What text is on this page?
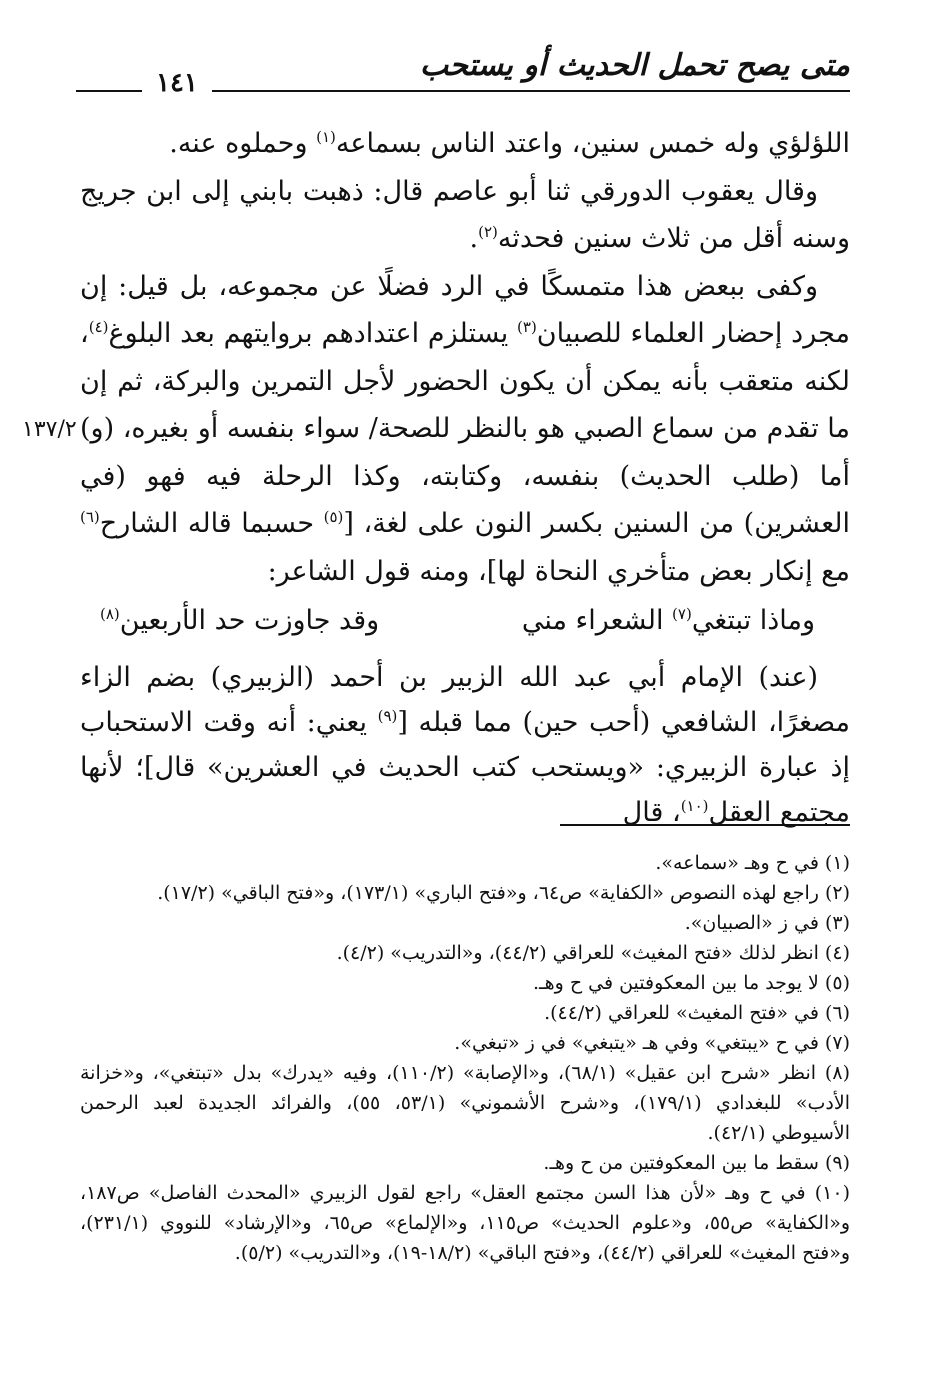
متى يصح تحمل الحديث أو يستحب
١٤١
١٣٧/٢

اللؤلؤي وله خمس سنين، واعتد الناس بسماعه$^{(١)}$ وحملوه عنه.

وقال يعقوب الدورقي ثنا أبو عاصم قال: ذهبت بابني إلى ابن جريج وسنه أقل من ثلاث سنين فحدثه$^{(٢)}$.

وكفى ببعض هذا متمسكًا في الرد فضلًا عن مجموعه، بل قيل: إن مجرد إحضار العلماء للصبيان$^{(٣)}$ يستلزم اعتدادهم بروايتهم بعد البلوغ$^{(٤)}$، لكنه متعقب بأنه يمكن أن يكون الحضور لأجل التمرين والبركة، ثم إن ما تقدم من سماع الصبي هو بالنظر للصحة/ سواء بنفسه أو بغيره، (و) أما (طلب الحديث) بنفسه، وكتابته، وكذا الرحلة فيه فهو (في العشرين) من السنين بكسر النون على لغة، [$^{(٥)}$ حسبما قاله الشارح$^{(٦)}$ مع إنكار بعض متأخري النحاة لها]، ومنه قول الشاعر:

وماذا تبتغي$^{(٧)}$ الشعراء مني
وقد جاوزت حد الأربعين$^{(٨)}$

(عند) الإمام أبي عبد الله الزبير بن أحمد (الزبيري) بضم الزاء مصغرًا، الشافعي (أحب حين) مما قبله [$^{(٩)}$ يعني: أنه وقت الاستحباب إذ عبارة الزبيري: «ويستحب كتب الحديث في العشرين» قال]؛ لأنها مجتمع العقل$^{(١٠)}$، قال

(١) في ح وهـ «سماعه».
(٢) راجع لهذه النصوص «الكفاية» ص٦٤، و«فتح الباري» (١٧٣/١)، و«فتح الباقي» (١٧/٢).
(٣) في ز «الصبيان».
(٤) انظر لذلك «فتح المغيث» للعراقي (٤٤/٢)، و«التدريب» (٤/٢).
(٥) لا يوجد ما بين المعكوفتين في ح وهـ.
(٦) في «فتح المغيث» للعراقي (٤٤/٢).
(٧) في ح «يبتغي» وفي هـ «يتبغي» في ز «تبغي».
(٨) انظر «شرح ابن عقيل» (٦٨/١)، و«الإصابة» (١١٠/٢)، وفيه «يدرك» بدل «تبتغي»، و«خزانة الأدب» للبغدادي (١٧٩/١)، و«شرح الأشموني» (٥٣/١، ٥٥)، والفرائد الجديدة لعبد الرحمن الأسيوطي (٤٢/١).
(٩) سقط ما بين المعكوفتين من ح وهـ.
(١٠) في ح وهـ «لأن هذا السن مجتمع العقل» راجع لقول الزبيري «المحدث الفاصل» ص١٨٧، و«الكفاية» ص٥٥، و«علوم الحديث» ص١١٥، و«الإلماع» ص٦٥، و«الإرشاد» للنووي (٢٣١/١)، و«فتح المغيث» للعراقي (٤٤/٢)، و«فتح الباقي» (١٨/٢-١٩)، و«التدريب» (٥/٢).
